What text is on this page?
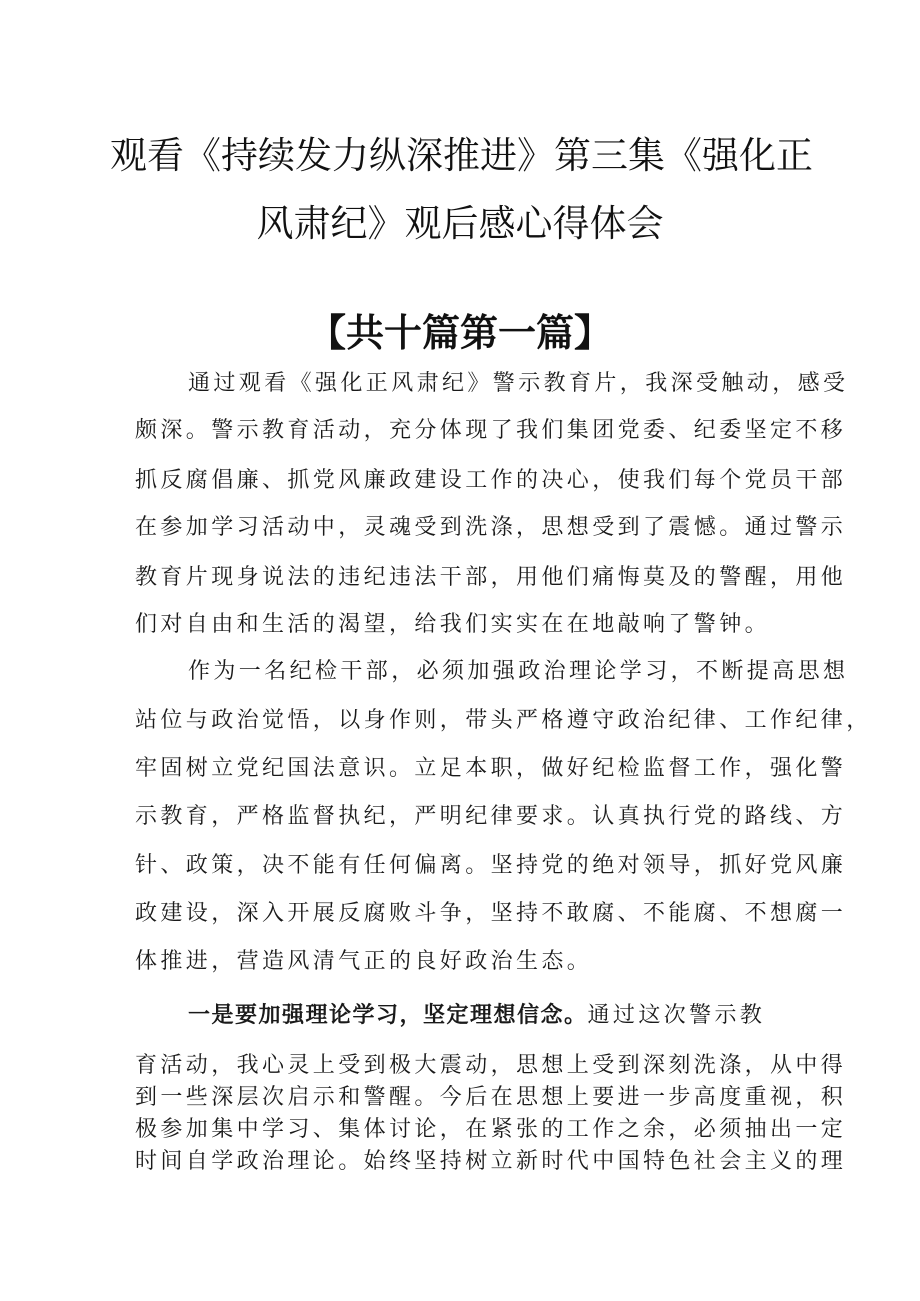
观看《持续发力纵深推进》第三集《强化正
风肃纪》观后感心得体会
【共十篇第一篇】
通过观看《强化正风肃纪》警示教育片，我深受触动，感受
颇深。警示教育活动，充分体现了我们集团党委、纪委坚定不移
抓反腐倡廉、抓党风廉政建设工作的决心，使我们每个党员干部
在参加学习活动中，灵魂受到洗涤，思想受到了震憾。通过警示
教育片现身说法的违纪违法干部，用他们痛悔莫及的警醒，用他
们对自由和生活的渴望，给我们实实在在地敲响了警钟。
作为一名纪检干部，必须加强政治理论学习，不断提高思想
站位与政治觉悟，以身作则，带头严格遵守政治纪律、工作纪律，
牢固树立党纪国法意识。立足本职，做好纪检监督工作，强化警
示教育，严格监督执纪，严明纪律要求。认真执行党的路线、方
针、政策，决不能有任何偏离。坚持党的绝对领导，抓好党风廉
政建设，深入开展反腐败斗争，坚持不敢腐、不能腐、不想腐一
体推进，营造风清气正的良好政治生态。
一是要加强理论学习，坚定理想信念。通过这次警示教
育活动，我心灵上受到极大震动，思想上受到深刻洗涤，从中得
到一些深层次启示和警醒。今后在思想上要进一步高度重视，积
极参加集中学习、集体讨论，在紧张的工作之余，必须抽出一定
时间自学政治理论。始终坚持树立新时代中国特色社会主义的理
